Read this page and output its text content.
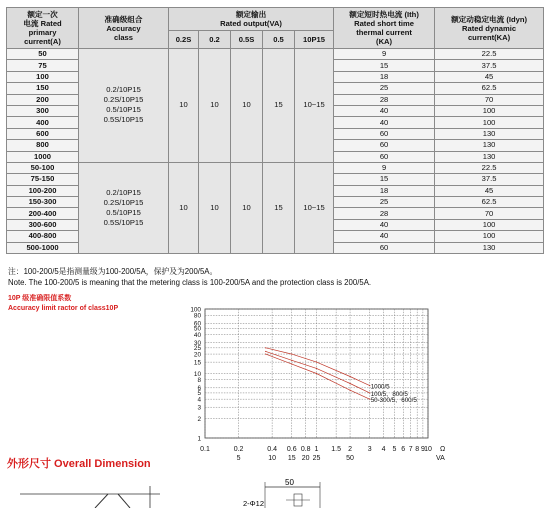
额定一次
电流 Rated
primary
current(A)	准确级组合
Accuracy
class	额定输出
Rated output(VA)					额定短时热电流 (Ith)
Rated short time
thermal current
(KA)	额定动稳定电流 (Idyn)
Rated dynamic
current(KA)

		0.2S	0.2	0.5S	0.5	10P15		
50	0.2/10P15
0.2S/10P15
0.5/10P15
0.5S/10P15	10	10	10	15	10~15	9	22.5
75							15	37.5
100							18	45
150							25	62.5
200							28	70
300							40	100
400							40	100
600							60	130
800							60	130
1000							60	130
50-100	0.2/10P15
0.2S/10P15
0.5/10P15
0.5S/10P15	10	10	10	15	10~15	9	22.5
75-150							15	37.5
100-200							18	45
150-300							25	62.5
200-400							28	70
300-600							40	100
400-800							40	100
500-1000							60	130
注：100-200/5是指测量级为100-200/5A，保护及为200/5A。
Note. The 100-200/5 is meaning that the metering class is 100-200/5A and the protection class is 200/5A.
10P 级准确限值系数
Accuracy limit ractor of class10P
0.1	0.2	0.4 0.6 0.8 1 1.5 2 3 4 5 6 7 8 9 10
100
80
60
50
40
30
25
20
15
10
8
6
5
4
3
2
1
5	10 15 20 25	50
Ω
VA
1000/5
100/5、800/5
50-300/5、600/5
外形尺寸 Overall Dimension
50
2-Φ12
